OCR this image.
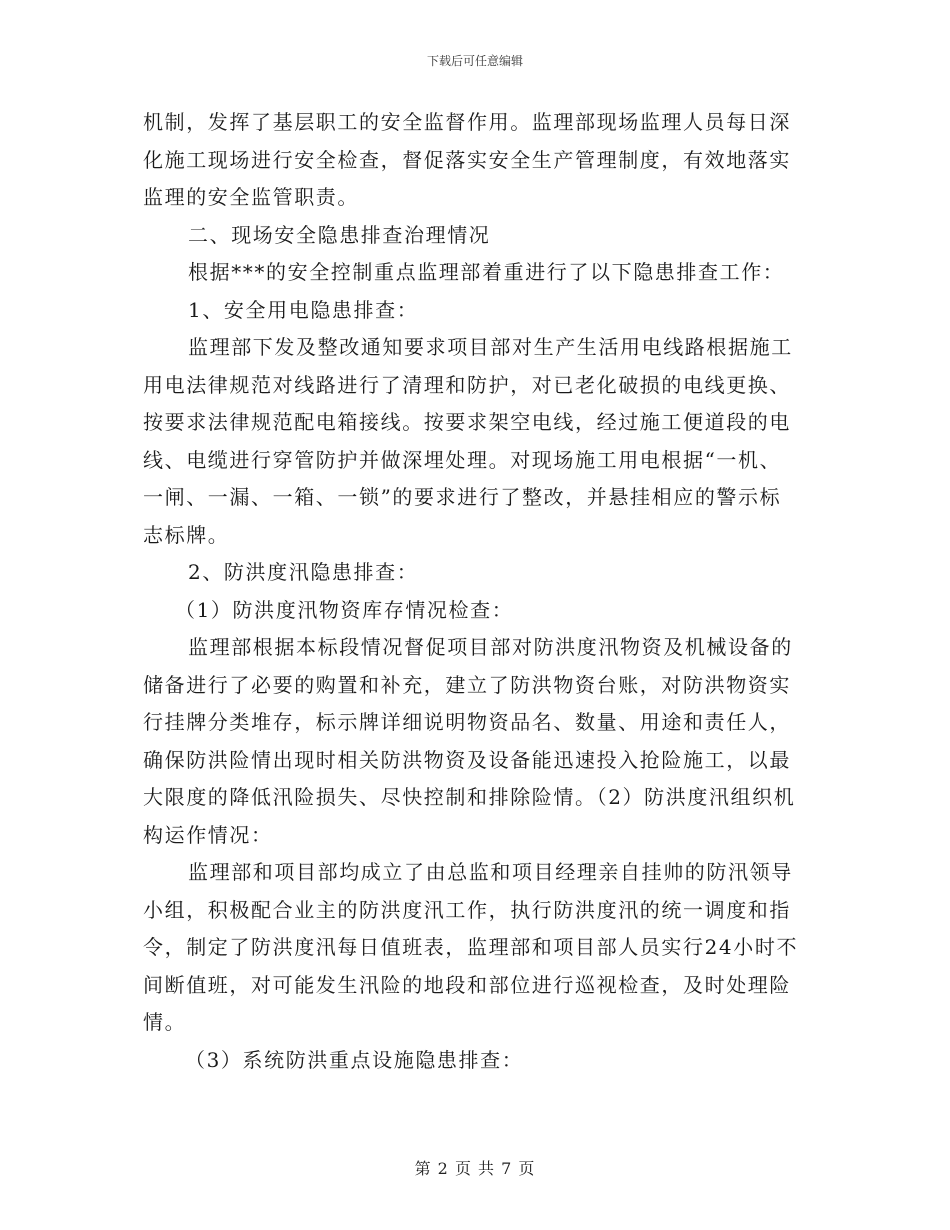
下载后可任意编辑
机制，发挥了基层职工的安全监督作用。监理部现场监理人员每日深
化施工现场进行安全检查，督促落实安全生产管理制度，有效地落实
监理的安全监管职责。
二、现场安全隐患排查治理情况
根据***的安全控制重点监理部着重进行了以下隐患排查工作：
1、安全用电隐患排查：
监理部下发及整改通知要求项目部对生产生活用电线路根据施工
用电法律规范对线路进行了清理和防护，对已老化破损的电线更换、
按要求法律规范配电箱接线。按要求架空电线，经过施工便道段的电
线、电缆进行穿管防护并做深埋处理。对现场施工用电根据“一机、
一闸、一漏、一箱、一锁”的要求进行了整改，并悬挂相应的警示标
志标牌。
2、防洪度汛隐患排查：
（1）防洪度汛物资库存情况检查：
监理部根据本标段情况督促项目部对防洪度汛物资及机械设备的
储备进行了必要的购置和补充，建立了防洪物资台账，对防洪物资实
行挂牌分类堆存，标示牌详细说明物资品名、数量、用途和责任人，
确保防洪险情出现时相关防洪物资及设备能迅速投入抢险施工，以最
大限度的降低汛险损失、尽快控制和排除险情。（2）防洪度汛组织机
构运作情况：
监理部和项目部均成立了由总监和项目经理亲自挂帅的防汛领导
小组，积极配合业主的防洪度汛工作，执行防洪度汛的统一调度和指
令，制定了防洪度汛每日值班表，监理部和项目部人员实行24小时不
间断值班，对可能发生汛险的地段和部位进行巡视检查，及时处理险
情。
（3）系统防洪重点设施隐患排查：
第 2 页 共 7 页
